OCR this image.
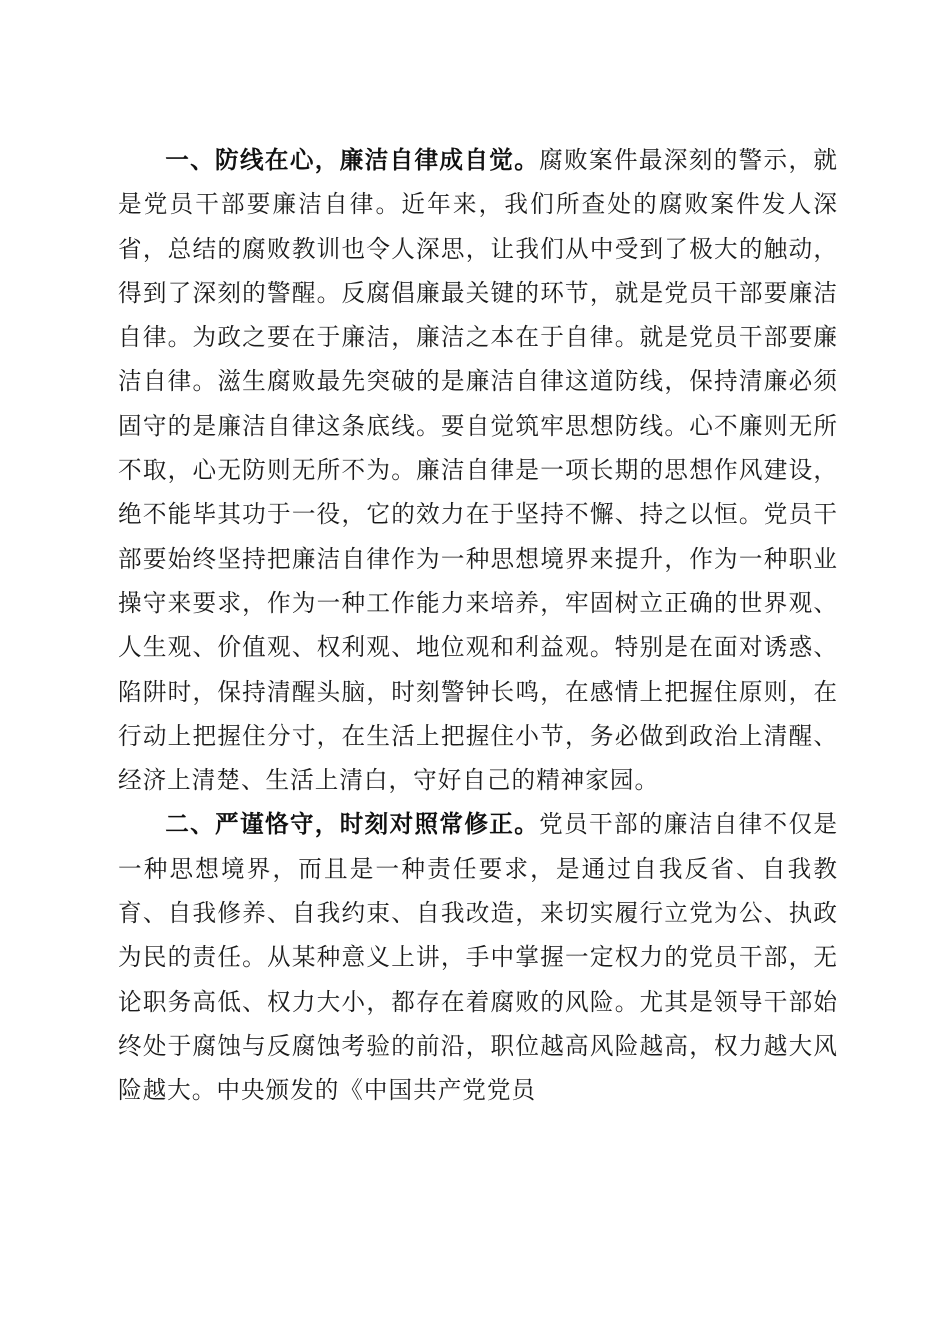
一、防线在心，廉洁自律成自觉。腐败案件最深刻的警示，就是党员干部要廉洁自律。近年来，我们所查处的腐败案件发人深省，总结的腐败教训也令人深思，让我们从中受到了极大的触动，得到了深刻的警醒。反腐倡廉最关键的环节，就是党员干部要廉洁自律。为政之要在于廉洁，廉洁之本在于自律。就是党员干部要廉洁自律。滋生腐败最先突破的是廉洁自律这道防线，保持清廉必须固守的是廉洁自律这条底线。要自觉筑牢思想防线。心不廉则无所不取，心无防则无所不为。廉洁自律是一项长期的思想作风建设，绝不能毕其功于一役，它的效力在于坚持不懈、持之以恒。党员干部要始终坚持把廉洁自律作为一种思想境界来提升，作为一种职业操守来要求，作为一种工作能力来培养，牢固树立正确的世界观、人生观、价值观、权利观、地位观和利益观。特别是在面对诱惑、陷阱时，保持清醒头脑，时刻警钟长鸣，在感情上把握住原则，在行动上把握住分寸，在生活上把握住小节，务必做到政治上清醒、经济上清楚、生活上清白，守好自己的精神家园。

二、严谨恪守，时刻对照常修正。党员干部的廉洁自律不仅是一种思想境界，而且是一种责任要求，是通过自我反省、自我教育、自我修养、自我约束、自我改造，来切实履行立党为公、执政为民的责任。从某种意义上讲，手中掌握一定权力的党员干部，无论职务高低、权力大小，都存在着腐败的风险。尤其是领导干部始终处于腐蚀与反腐蚀考验的前沿，职位越高风险越高，权力越大风险越大。中央颁发的《中国共产党党员
